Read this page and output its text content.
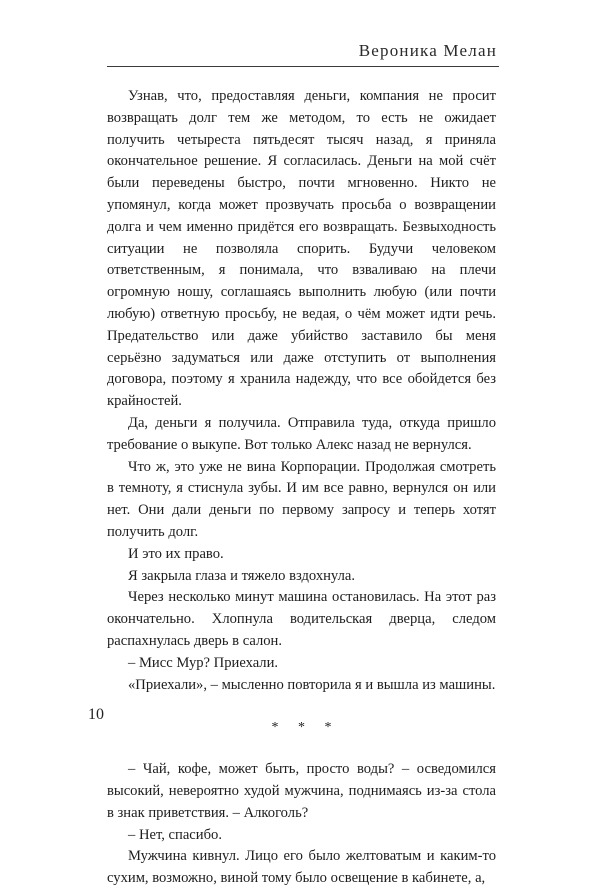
Вероника Мелан

Узнав, что, предоставляя деньги, компания не просит возвращать долг тем же методом, то есть не ожидает получить четыреста пятьдесят тысяч назад, я приняла окончательное решение. Я согласилась. Деньги на мой счёт были переведены быстро, почти мгновенно. Никто не упомянул, когда может прозвучать просьба о возвращении долга и чем именно придётся его возвращать. Безвыходность ситуации не позволяла спорить. Будучи человеком ответственным, я понимала, что взваливаю на плечи огромную ношу, соглашаясь выполнить любую (или почти любую) ответную просьбу, не ведая, о чём может идти речь. Предательство или даже убийство заставило бы меня серьёзно задуматься или даже отступить от выполнения договора, поэтому я хранила надежду, что все обойдется без крайностей.

Да, деньги я получила. Отправила туда, откуда пришло требование о выкупе. Вот только Алекс назад не вернулся.

Что ж, это уже не вина Корпорации. Продолжая смотреть в темноту, я стиснула зубы. И им все равно, вернулся он или нет. Они дали деньги по первому запросу и теперь хотят получить долг.

И это их право.

Я закрыла глаза и тяжело вздохнула.

Через несколько минут машина остановилась. На этот раз окончательно. Хлопнула водительская дверца, следом распахнулась дверь в салон.

– Мисс Мур? Приехали.

«Приехали», – мысленно повторила я и вышла из машины.

* * *

– Чай, кофе, может быть, просто воды? – осведомился высокий, невероятно худой мужчина, поднимаясь из-за стола в знак приветствия. – Алкоголь?

– Нет, спасибо.

Мужчина кивнул. Лицо его было желтоватым и каким-то сухим, возможно, виной тому было освещение в кабинете, а,

10
